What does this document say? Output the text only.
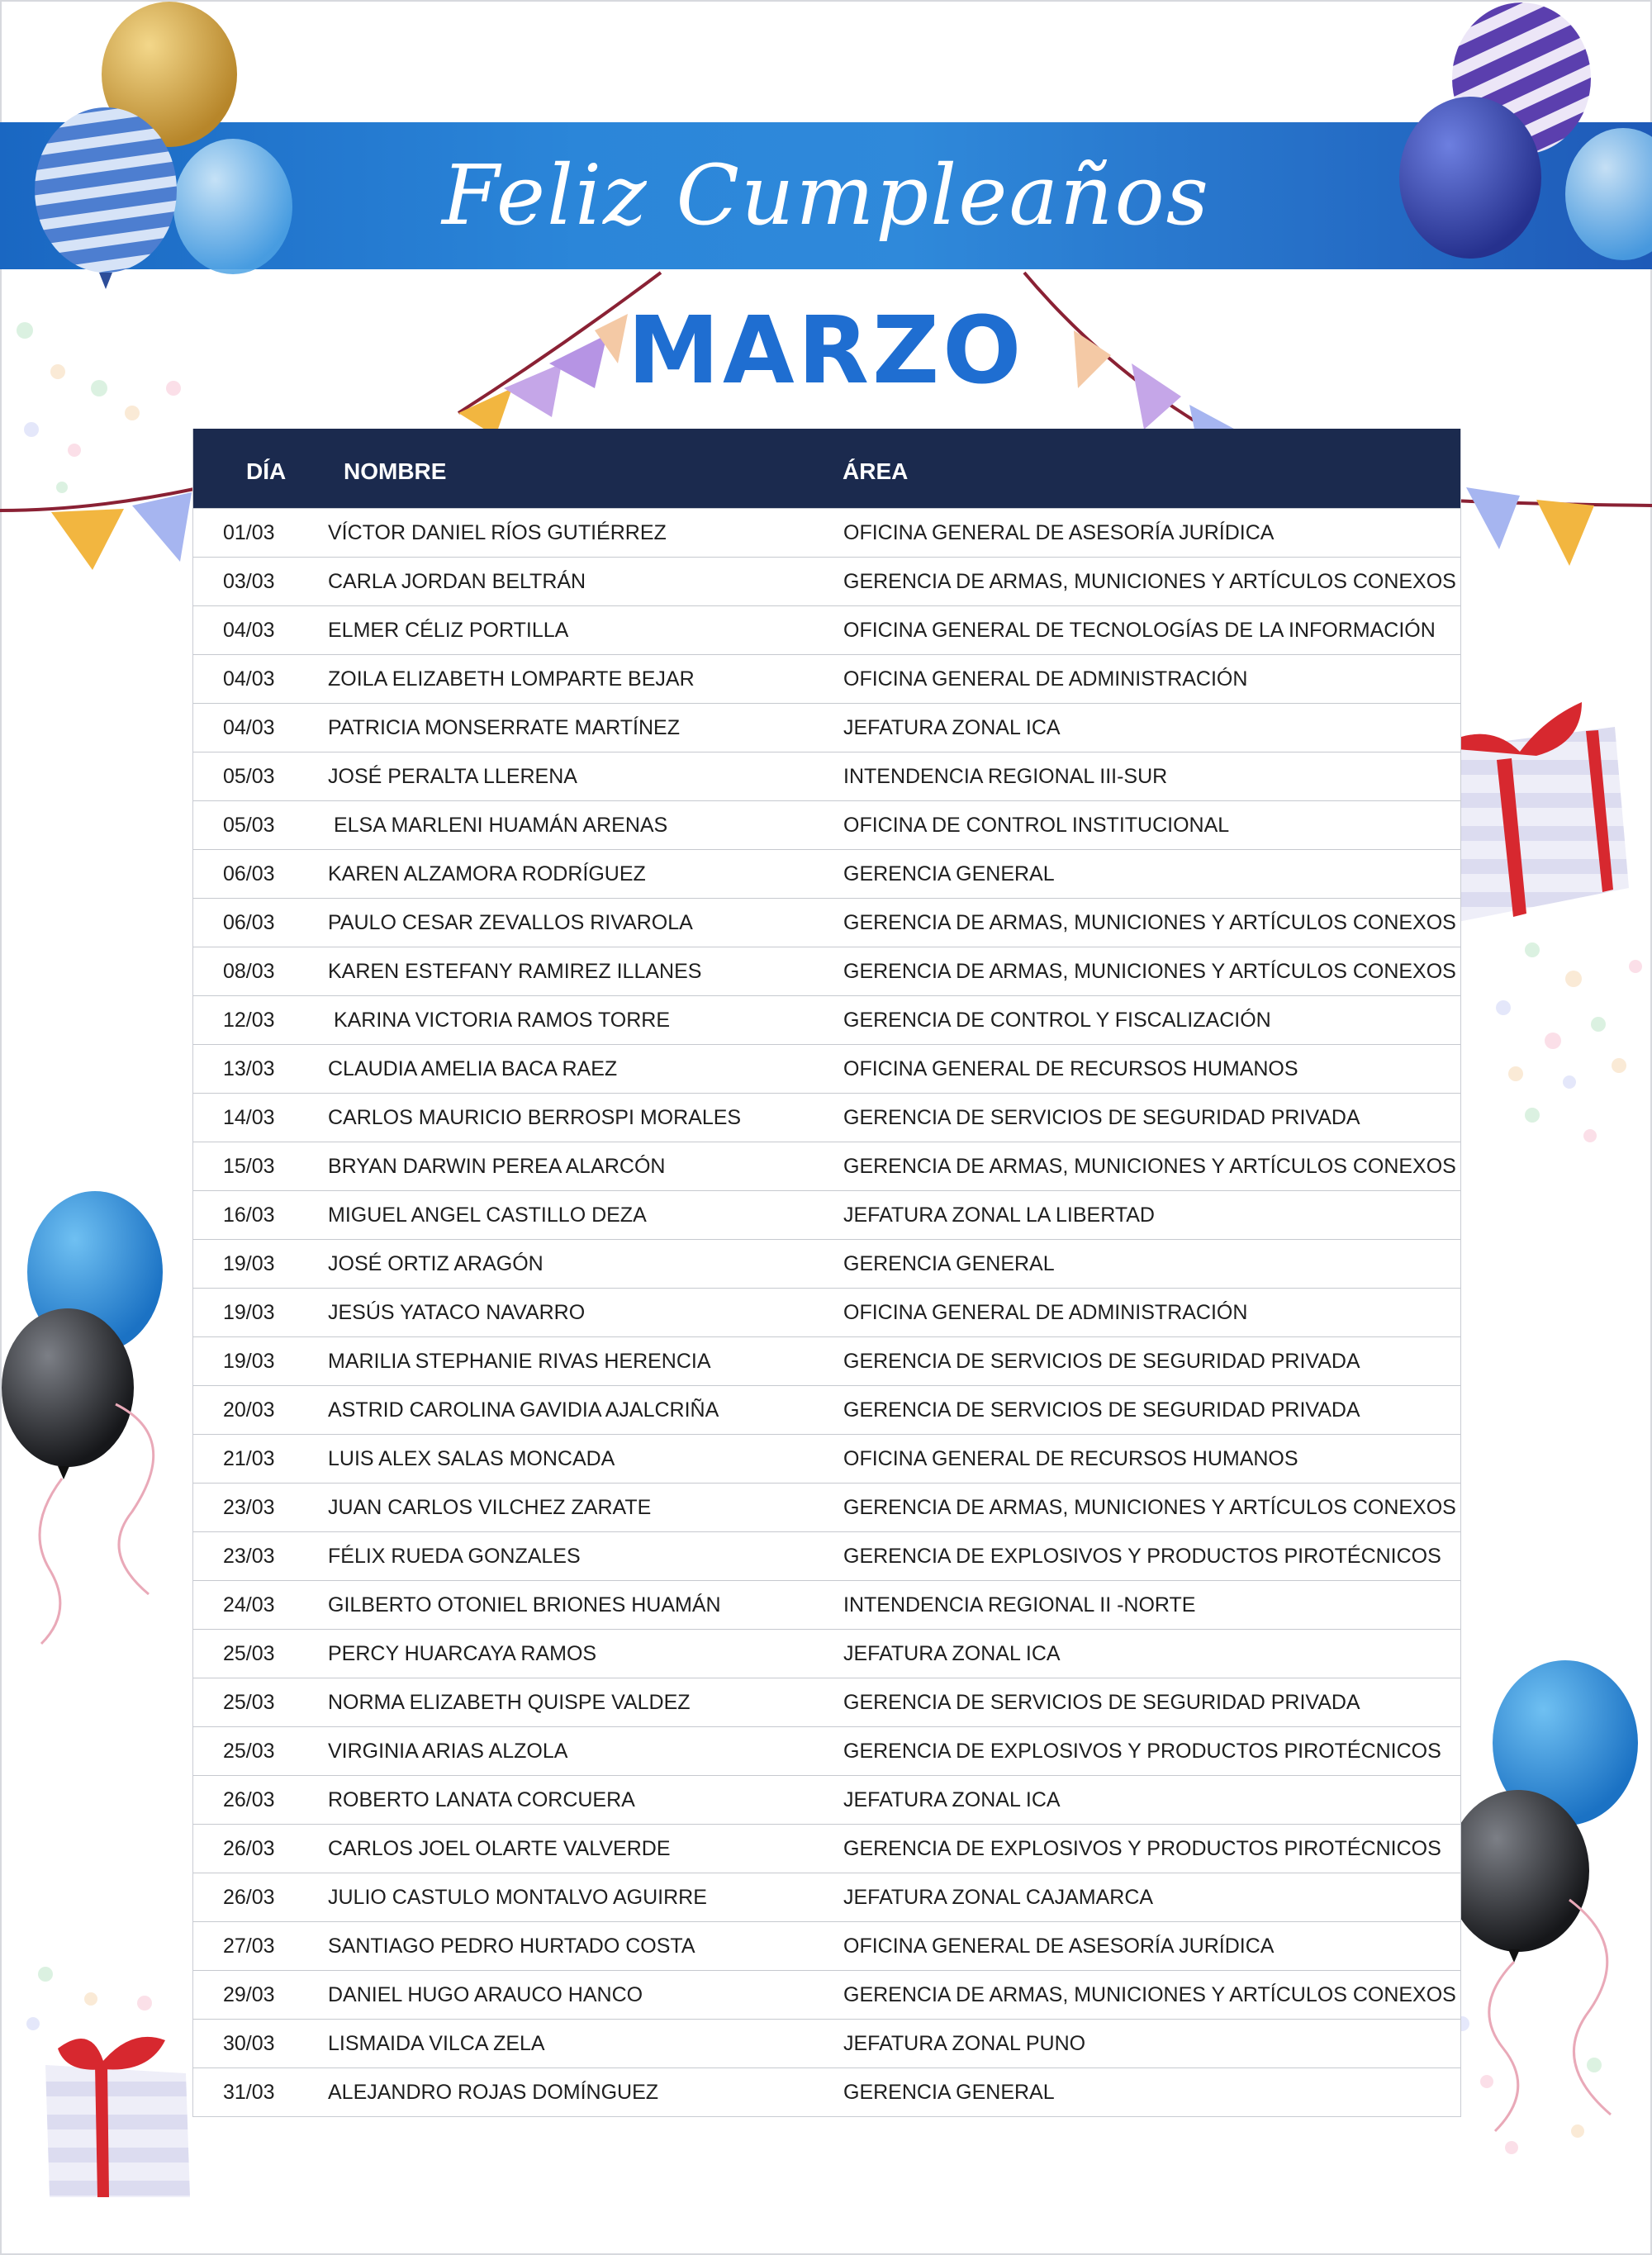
Feliz Cumpleaños
MARZO
DÍA NOMBRE	ÁREA
01/03	VÍCTOR DANIEL RÍOS GUTIÉRREZ	OFICINA GENERAL DE ASESORÍA JURÍDICA
03/03	CARLA JORDAN BELTRÁN	GERENCIA DE ARMAS, MUNICIONES Y ARTÍCULOS CONEXOS
04/03	ELMER CÉLIZ PORTILLA	OFICINA GENERAL DE TECNOLOGÍAS DE LA INFORMACIÓN
04/03	ZOILA ELIZABETH LOMPARTE BEJAR	OFICINA GENERAL DE ADMINISTRACIÓN
04/03	PATRICIA MONSERRATE MARTÍNEZ	JEFATURA ZONAL ICA
05/03	JOSÉ PERALTA LLERENA	INTENDENCIA REGIONAL III-SUR
05/03	ELSA MARLENI HUAMÁN ARENAS	OFICINA DE CONTROL INSTITUCIONAL
06/03	KAREN ALZAMORA RODRÍGUEZ	GERENCIA GENERAL
06/03	PAULO CESAR ZEVALLOS RIVAROLA	GERENCIA DE ARMAS, MUNICIONES Y ARTÍCULOS CONEXOS
08/03	KAREN ESTEFANY RAMIREZ ILLANES	GERENCIA DE ARMAS, MUNICIONES Y ARTÍCULOS CONEXOS
12/03	KARINA VICTORIA RAMOS TORRE	GERENCIA DE CONTROL Y FISCALIZACIÓN
13/03	CLAUDIA AMELIA BACA RAEZ	OFICINA GENERAL DE RECURSOS HUMANOS
14/03	CARLOS MAURICIO BERROSPI MORALES	GERENCIA DE SERVICIOS DE SEGURIDAD PRIVADA
15/03	BRYAN DARWIN PEREA ALARCÓN	GERENCIA DE ARMAS, MUNICIONES Y ARTÍCULOS CONEXOS
16/03	MIGUEL ANGEL CASTILLO DEZA	JEFATURA ZONAL LA LIBERTAD
19/03	JOSÉ ORTIZ ARAGÓN	GERENCIA GENERAL
19/03	JESÚS YATACO NAVARRO	OFICINA GENERAL DE ADMINISTRACIÓN
19/03	MARILIA STEPHANIE RIVAS HERENCIA	GERENCIA DE SERVICIOS DE SEGURIDAD PRIVADA
20/03	ASTRID CAROLINA GAVIDIA AJALCRIÑA	GERENCIA DE SERVICIOS DE SEGURIDAD PRIVADA
21/03	LUIS ALEX SALAS MONCADA	OFICINA GENERAL DE RECURSOS HUMANOS
23/03	JUAN CARLOS VILCHEZ ZARATE	GERENCIA DE ARMAS, MUNICIONES Y ARTÍCULOS CONEXOS
23/03	FÉLIX RUEDA GONZALES	GERENCIA DE EXPLOSIVOS Y PRODUCTOS PIROTÉCNICOS
24/03	GILBERTO OTONIEL BRIONES HUAMÁN	INTENDENCIA REGIONAL II -NORTE
25/03	PERCY HUARCAYA RAMOS	JEFATURA ZONAL ICA
25/03	NORMA ELIZABETH QUISPE VALDEZ	GERENCIA DE SERVICIOS DE SEGURIDAD PRIVADA
25/03	VIRGINIA ARIAS ALZOLA	GERENCIA DE EXPLOSIVOS Y PRODUCTOS PIROTÉCNICOS
26/03	ROBERTO LANATA CORCUERA	JEFATURA ZONAL ICA
26/03	CARLOS JOEL OLARTE VALVERDE	GERENCIA DE EXPLOSIVOS Y PRODUCTOS PIROTÉCNICOS
26/03	JULIO CASTULO MONTALVO AGUIRRE	JEFATURA ZONAL CAJAMARCA
27/03	SANTIAGO PEDRO HURTADO COSTA	OFICINA GENERAL DE ASESORÍA JURÍDICA
29/03	DANIEL HUGO ARAUCO HANCO	GERENCIA DE ARMAS, MUNICIONES Y ARTÍCULOS CONEXOS
30/03	LISMAIDA VILCA ZELA	JEFATURA ZONAL PUNO
31/03	ALEJANDRO ROJAS DOMÍNGUEZ	GERENCIA GENERAL
